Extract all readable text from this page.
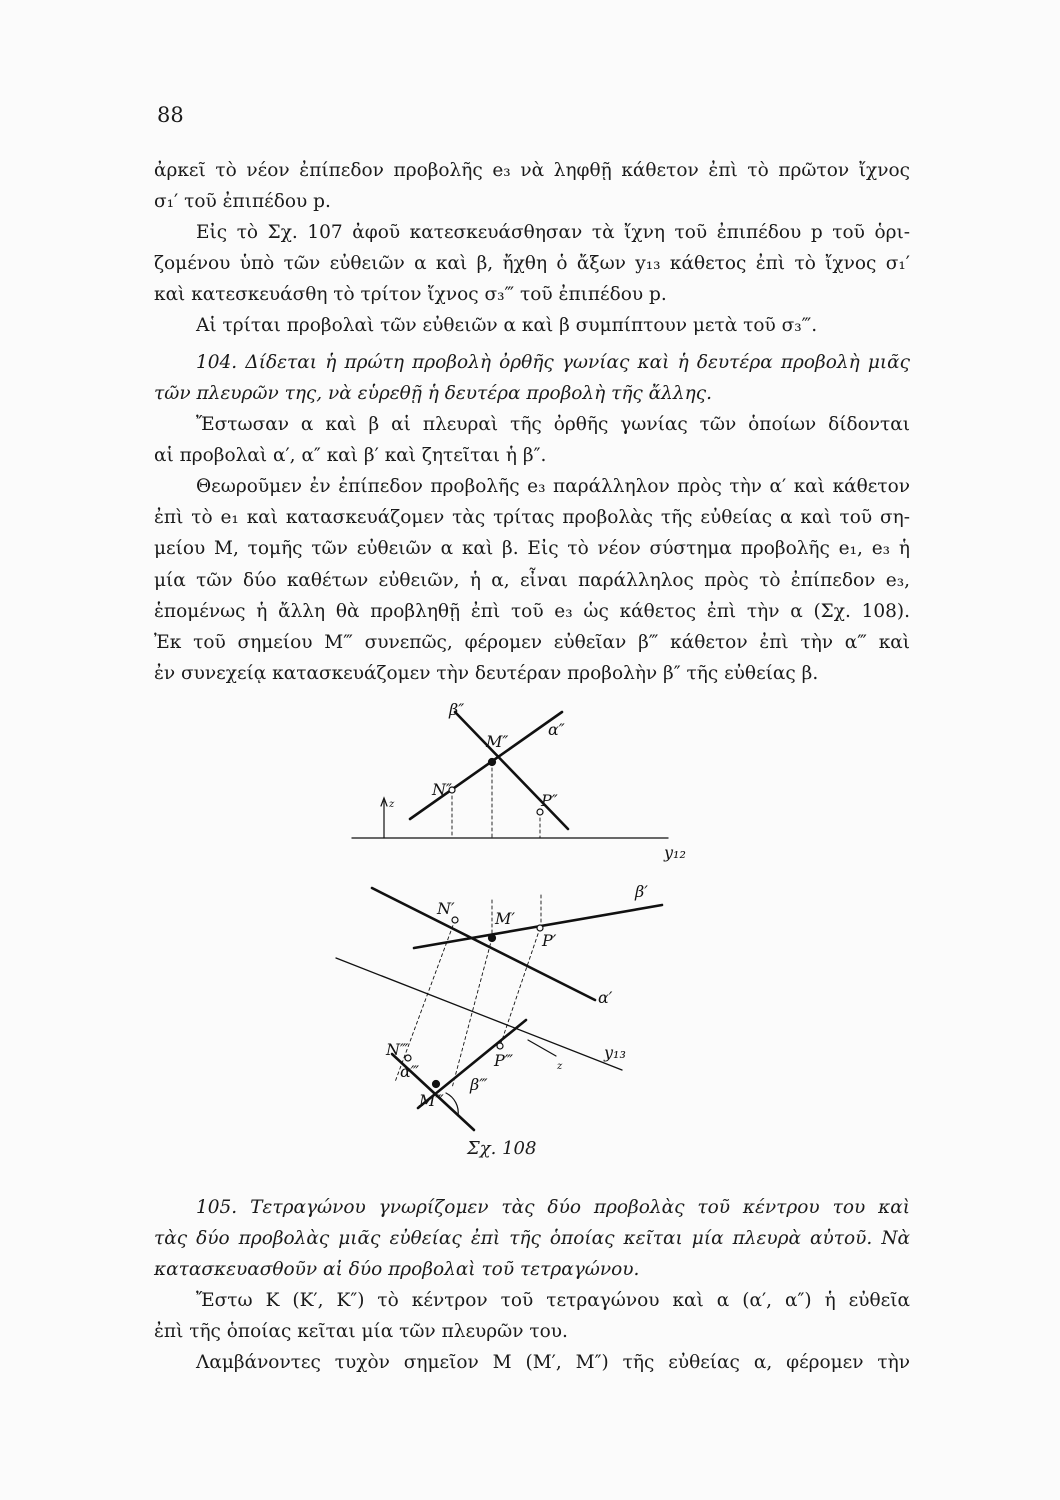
88
ἀρκεῖ τὸ νέον ἐπίπεδον προβολῆς e₃ νὰ ληφθῇ κάθετον ἐπὶ τὸ πρῶτον ἴχνος
σ₁′ τοῦ ἐπιπέδου p.
Εἰς τὸ Σχ. 107 ἀφοῦ κατεσκευάσθησαν τὰ ἴχνη τοῦ ἐπιπέδου p τοῦ ὁρι-
ζομένου ὑπὸ τῶν εὐθειῶν α καὶ β, ἤχθη ὁ ἄξων y₁₃ κάθετος ἐπὶ τὸ ἴχνος σ₁′
καὶ κατεσκευάσθη τὸ τρίτον ἴχνος σ₃‴ τοῦ ἐπιπέδου p.
Αἱ τρίται προβολαὶ τῶν εὐθειῶν α καὶ β συμπίπτουν μετὰ τοῦ σ₃‴.
104. Δίδεται ἡ πρώτη προβολὴ ὀρθῆς γωνίας καὶ ἡ δευτέρα προβολὴ μιᾶς
τῶν πλευρῶν της, νὰ εὑρεθῇ ἡ δευτέρα προβολὴ τῆς ἄλλης.
Ἔστωσαν α καὶ β αἱ πλευραὶ τῆς ὀρθῆς γωνίας τῶν ὁποίων δίδονται
αἱ προβολαὶ α′, α″ καὶ β′ καὶ ζητεῖται ἡ β″.
Θεωροῦμεν ἐν ἐπίπεδον προβολῆς e₃ παράλληλον πρὸς τὴν α′ καὶ κάθετον
ἐπὶ τὸ e₁ καὶ κατασκευάζομεν τὰς τρίτας προβολὰς τῆς εὐθείας α καὶ τοῦ ση-
μείου Μ, τομῆς τῶν εὐθειῶν α καὶ β. Εἰς τὸ νέον σύστημα προβολῆς e₁, e₃ ἡ
μία τῶν δύο καθέτων εὐθειῶν, ἡ α, εἶναι παράλληλος πρὸς τὸ ἐπίπεδον e₃,
ἑπομένως ἡ ἄλλη θὰ προβληθῇ ἐπὶ τοῦ e₃ ὡς κάθετος ἐπὶ τὴν α (Σχ. 108).
Ἐκ τοῦ σημείου Μ‴ συνεπῶς, φέρομεν εὐθεῖαν β‴ κάθετον ἐπὶ τὴν α‴ καὶ
ἐν συνεχείᾳ κατασκευάζομεν τὴν δευτέραν προβολὴν β″ τῆς εὐθείας β.
β″
α″
M″
N″
P″
z
y₁₂
N′
M′
P′
β′
α′
N‴
α‴
P‴
β‴
M‴
y₁₃
z
Σχ. 108
105. Τετραγώνου γνωρίζομεν τὰς δύο προβολὰς τοῦ κέντρου του καὶ
τὰς δύο προβολὰς μιᾶς εὐθείας ἐπὶ τῆς ὁποίας κεῖται μία πλευρὰ αὐτοῦ. Νὰ
κατασκευασθοῦν αἱ δύο προβολαὶ τοῦ τετραγώνου.
Ἔστω Κ (Κ′, Κ″) τὸ κέντρον τοῦ τετραγώνου καὶ α (α′, α″) ἡ εὐθεῖα
ἐπὶ τῆς ὁποίας κεῖται μία τῶν πλευρῶν του.
Λαμβάνοντες τυχὸν σημεῖον Μ (Μ′, Μ″) τῆς εὐθείας α, φέρομεν τὴν
